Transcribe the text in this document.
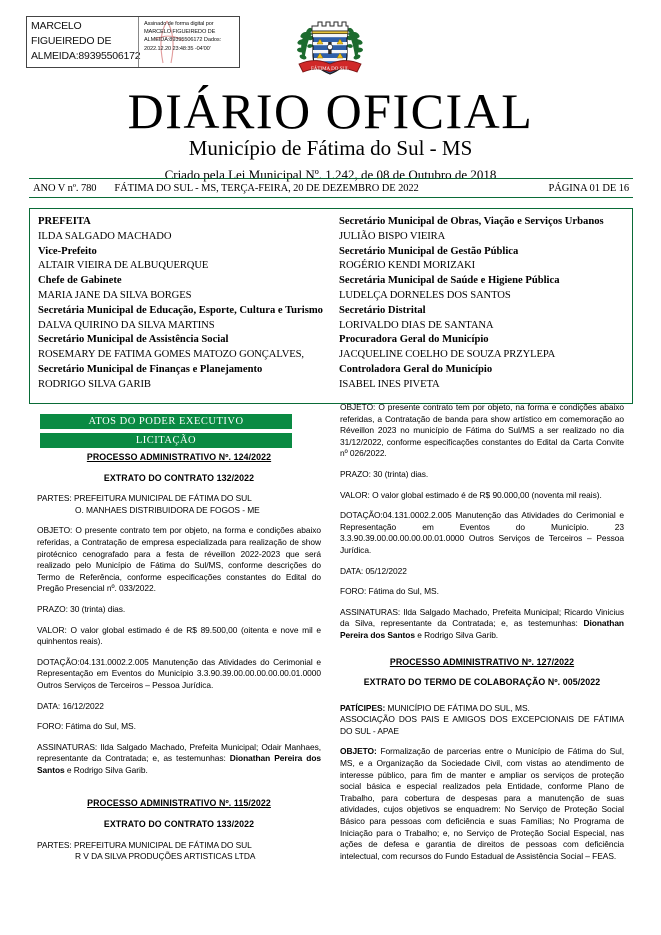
MARCELO FIGUEIREDO DE ALMEIDA:89395506172
Assinado de forma digital por MARCELO FIGUEIREDO DE ALMEIDA:89395506172 Dados: 2022.12.20 23:48:35 -04'00'
FÁTIMA DO SUL
DIÁRIO OFICIAL
Município de Fátima do Sul - MS
Criado pela Lei Municipal Nº. 1.242, de 08 de Outubro de 2018
ANO V nº. 780 FÁTIMA DO SUL - MS, TERÇA-FEIRA, 20 DE DEZEMBRO DE 2022	PÁGINA 01 DE 16
PREFEITA
ILDA SALGADO MACHADO
Vice-Prefeito
ALTAIR VIEIRA DE ALBUQUERQUE
Chefe de Gabinete
MARIA JANE DA SILVA BORGES
Secretária Municipal de Educação, Esporte, Cultura e Turismo
DALVA QUIRINO DA SILVA MARTINS
Secretário Municipal de Assistência Social
ROSEMARY DE FATIMA GOMES MATOZO GONÇALVES,
Secretário Municipal de Finanças e Planejamento
RODRIGO SILVA GARIB
Secretário Municipal de Obras, Viação e Serviços Urbanos
JULIÃO BISPO VIEIRA
Secretário Municipal de Gestão Pública
ROGÉRIO KENDI MORIZAKI
Secretária Municipal de Saúde e Higiene Pública
LUDELÇA DORNELES DOS SANTOS
Secretário Distrital
LORIVALDO DIAS DE SANTANA
Procuradora Geral do Município
JACQUELINE COELHO DE SOUZA PRZYLEPA
Controladora Geral do Município
ISABEL INES PIVETA
ATOS DO PODER EXECUTIVO
LICITAÇÃO
PROCESSO ADMINISTRATIVO Nº. 124/2022
EXTRATO DO CONTRATO 132/2022
PARTES: PREFEITURA MUNICIPAL DE FÁTIMA DO SUL
O. MANHAES DISTRIBUIDORA DE FOGOS - ME
OBJETO: O presente contrato tem por objeto, na forma e condições abaixo referidas, a Contratação de empresa especializada para realização de show pirotécnico cenografado para a festa de réveillon 2022-2023 que será realizado pelo Município de Fátima do Sul/MS, conforme descrições do Termo de Referência, conforme especificações constantes do Edital do Pregão Presencial nº. 033/2022.
PRAZO: 30 (trinta) dias.
VALOR: O valor global estimado é de R$ 89.500,00 (oitenta e nove mil e quinhentos reais).
DOTAÇÃO:04.131.0002.2.005 Manutenção das Atividades do Cerimonial e Representação em Eventos do Município 3.3.90.39.00.00.00.00.00.01.0000 Outros Serviços de Terceiros – Pessoa Jurídica.
DATA: 16/12/2022
FORO: Fátima do Sul, MS.
ASSINATURAS: Ilda Salgado Machado, Prefeita Municipal; Odair Manhaes, representante da Contratada; e, as testemunhas: Dionathan Pereira dos Santos e Rodrigo Silva Garib.
PROCESSO ADMINISTRATIVO Nº. 115/2022
EXTRATO DO CONTRATO 133/2022
PARTES: PREFEITURA MUNICIPAL DE FÁTIMA DO SUL
R V DA SILVA PRODUÇÕES ARTISTICAS LTDA
OBJETO: O presente contrato tem por objeto, na forma e condições abaixo referidas, a Contratação de banda para show artístico em comemoração ao Réveillon 2023 no município de Fátima do Sul/MS a ser realizado no dia 31/12/2022, conforme especificações constantes do Edital da Carta Convite nº 026/2022.
PRAZO: 30 (trinta) dias.
VALOR: O valor global estimado é de R$ 90.000,00 (noventa mil reais).
DOTAÇÃO:04.131.0002.2.005 Manutenção das Atividades do Cerimonial e Representação em Eventos do Município. 23 3.3.90.39.00.00.00.00.00.01.0000 Outros Serviços de Terceiros – Pessoa Jurídica.
DATA: 05/12/2022
FORO: Fátima do Sul, MS.
ASSINATURAS: Ilda Salgado Machado, Prefeita Municipal; Ricardo Vinicius da Silva, representante da Contratada; e, as testemunhas: Dionathan Pereira dos Santos e Rodrigo Silva Garib.
PROCESSO ADMINISTRATIVO Nº. 127/2022
EXTRATO DO TERMO DE COLABORAÇÃO Nº. 005/2022
PATÍCIPES: MUNICÍPIO DE FÁTIMA DO SUL, MS.
ASSOCIAÇÃO DOS PAIS E AMIGOS DOS EXCEPCIONAIS DE FÁTIMA DO SUL - APAE
OBJETO: Formalização de parcerias entre o Município de Fátima do Sul, MS, e a Organização da Sociedade Civil, com vistas ao atendimento de interesse público, para fim de manter e ampliar os serviços de proteção social básica e especial realizados pela Entidade, conforme Plano de Trabalho, para cobertura de despesas para a manutenção de suas atividades, cujos objetivos se enquadrem: No Serviço de Proteção Social Básico para pessoas com deficiência e suas Famílias; No Programa de Iniciação para o Trabalho; e, no Serviço de Proteção Social Especial, nas ações de defesa e garantia de direitos de pessoas com deficiência intelectual, com recursos do Fundo Estadual de Assistência Social – FEAS.
